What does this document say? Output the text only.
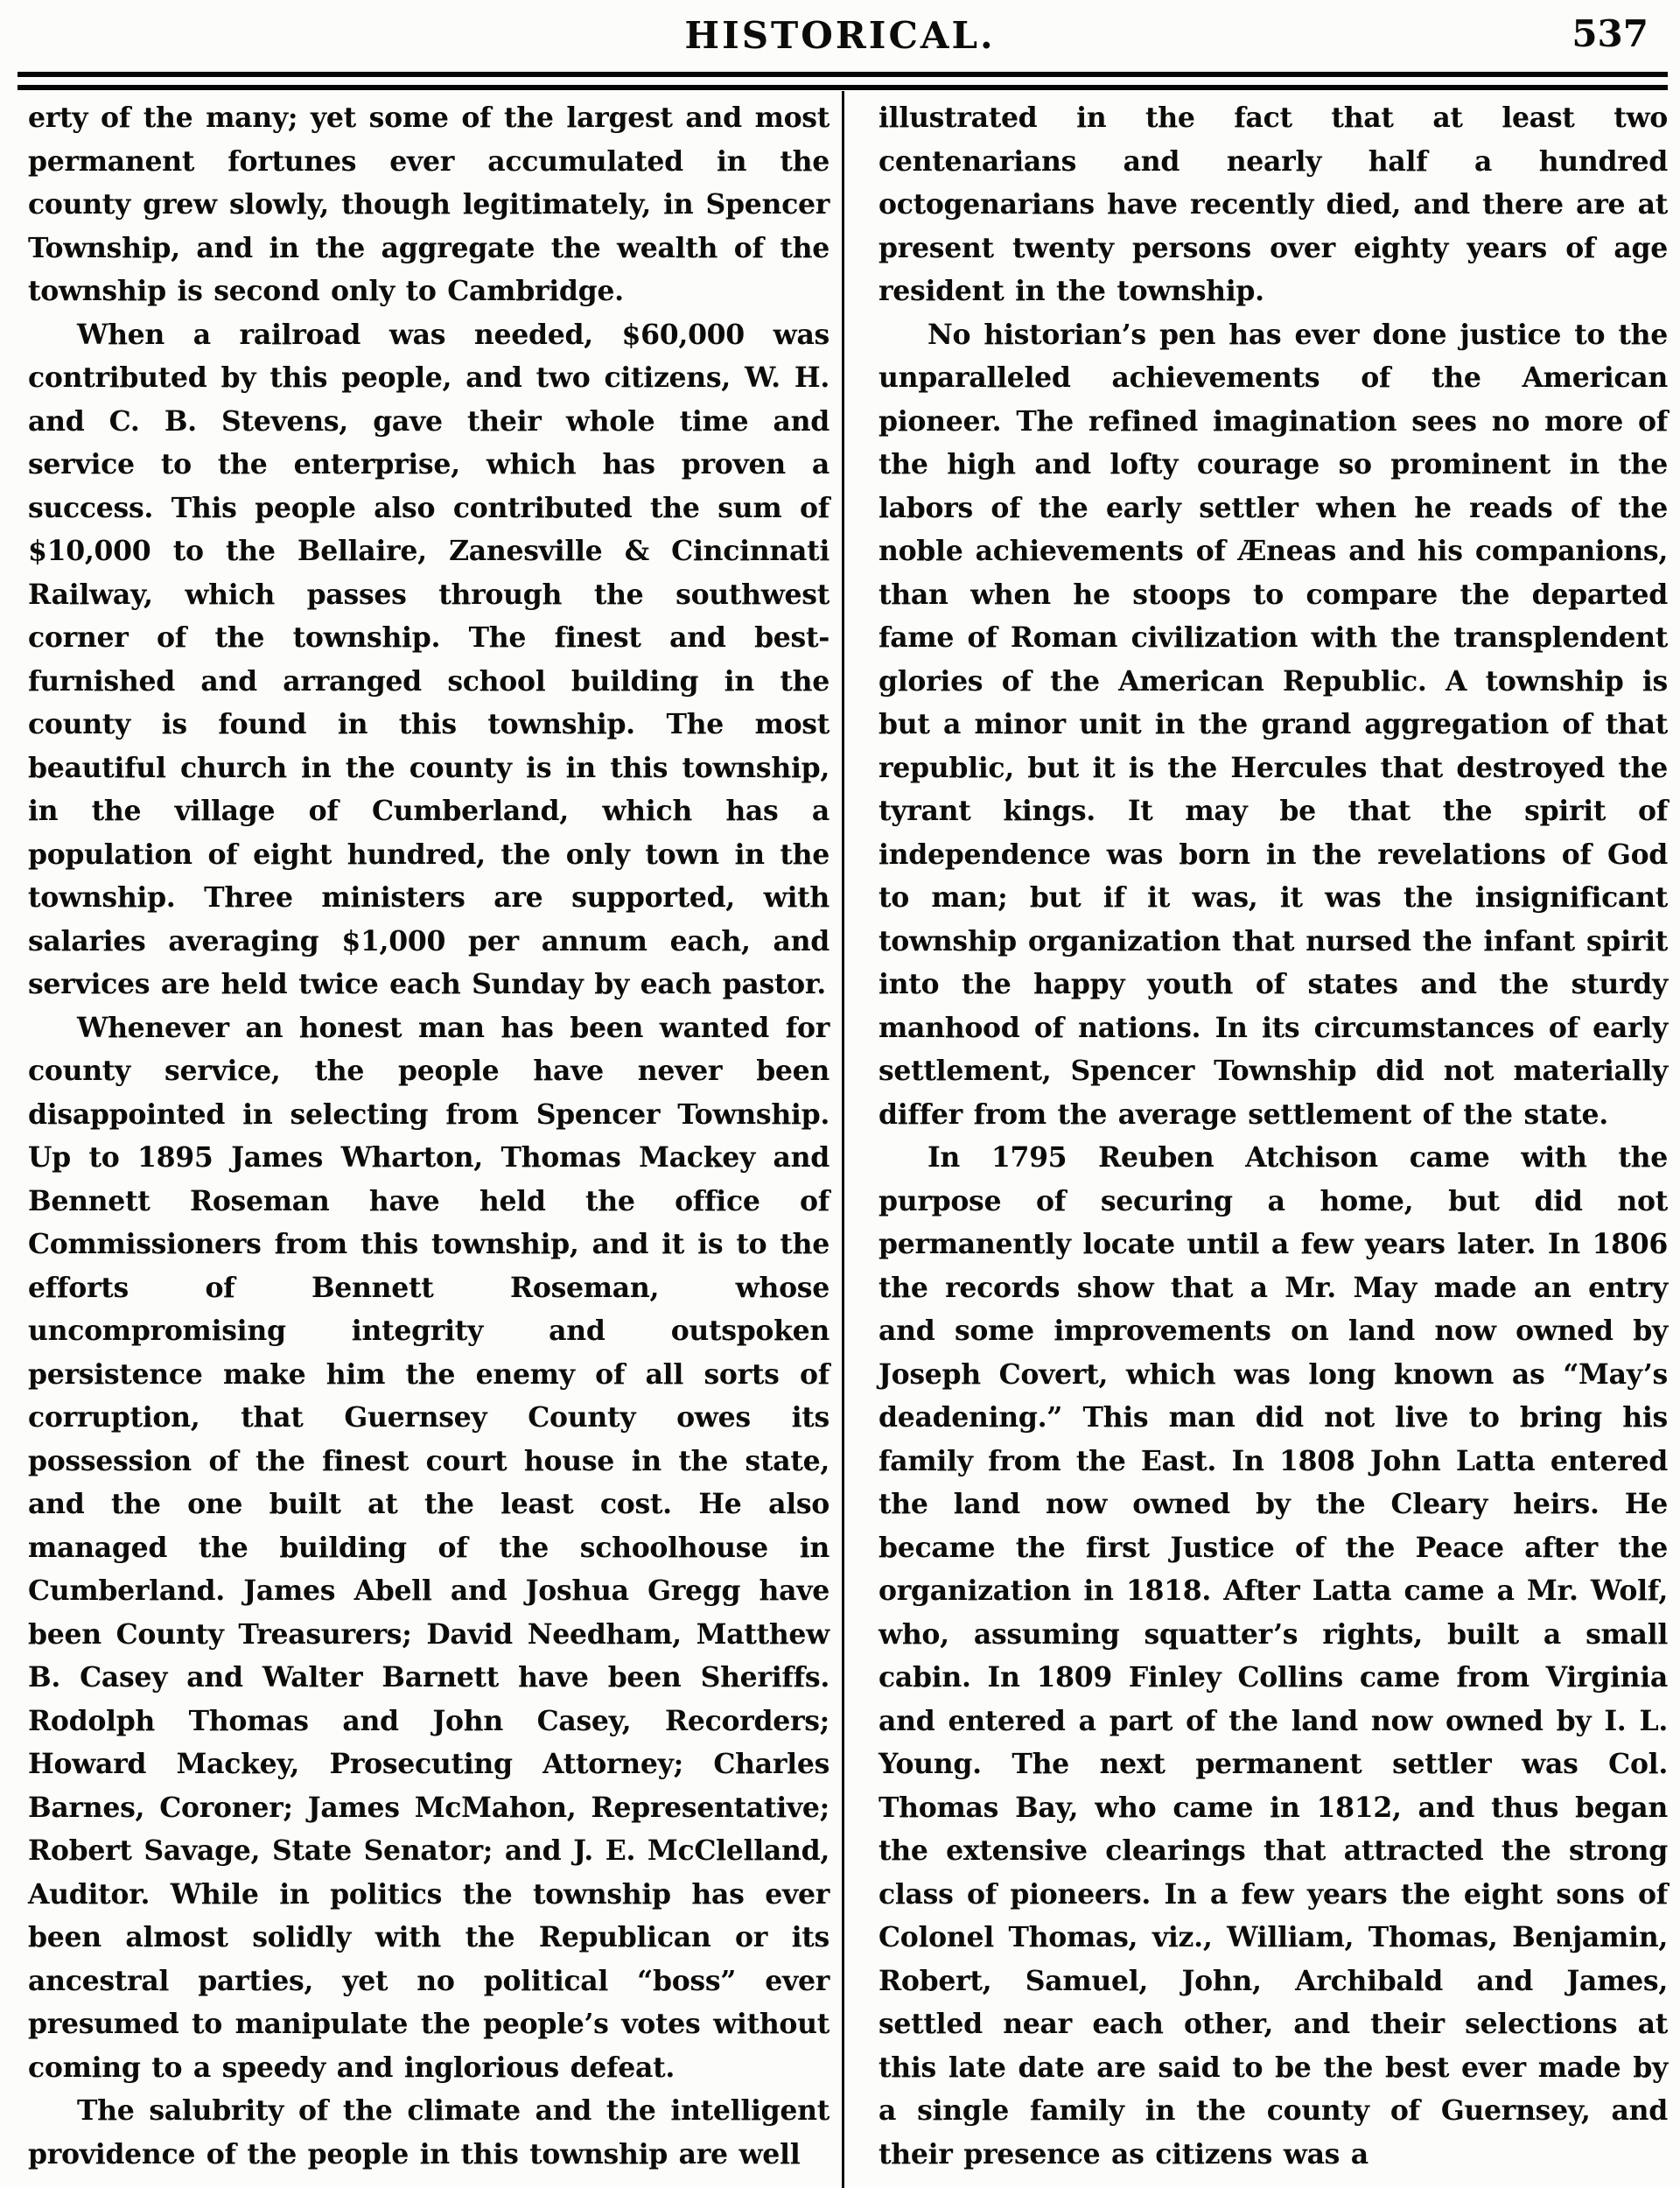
HISTORICAL.	537

erty of the many; yet some of the largest and most permanent fortunes ever accumulated in the county grew slowly, though legitimately, in Spencer Township, and in the aggregate the wealth of the township is second only to Cambridge.

When a railroad was needed, $60,000 was contributed by this people, and two citizens, W. H. and C. B. Stevens, gave their whole time and service to the enterprise, which has proven a success. This people also contributed the sum of $10,000 to the Bellaire, Zanesville & Cincinnati Railway, which passes through the southwest corner of the township. The finest and best-furnished and arranged school building in the county is found in this township. The most beautiful church in the county is in this township, in the village of Cumberland, which has a population of eight hundred, the only town in the township. Three ministers are supported, with salaries averaging $1,000 per annum each, and services are held twice each Sunday by each pastor.

Whenever an honest man has been wanted for county service, the people have never been disappointed in selecting from Spencer Township. Up to 1895 James Wharton, Thomas Mackey and Bennett Roseman have held the office of Commissioners from this township, and it is to the efforts of Bennett Roseman, whose uncompromising integrity and outspoken persistence make him the enemy of all sorts of corruption, that Guernsey County owes its possession of the finest court house in the state, and the one built at the least cost. He also managed the building of the schoolhouse in Cumberland. James Abell and Joshua Gregg have been County Treasurers; David Needham, Matthew B. Casey and Walter Barnett have been Sheriffs. Rodolph Thomas and John Casey, Recorders; Howard Mackey, Prosecuting Attorney; Charles Barnes, Coroner; James McMahon, Representative; Robert Savage, State Senator; and J. E. McClelland, Auditor. While in politics the township has ever been almost solidly with the Republican or its ancestral parties, yet no political “boss” ever presumed to manipulate the people’s votes without coming to a speedy and inglorious defeat.

The salubrity of the climate and the intelligent providence of the people in this township are well

illustrated in the fact that at least two centenarians and nearly half a hundred octogenarians have recently died, and there are at present twenty persons over eighty years of age resident in the township.

No historian’s pen has ever done justice to the unparalleled achievements of the American pioneer. The refined imagination sees no more of the high and lofty courage so prominent in the labors of the early settler when he reads of the noble achievements of Æneas and his companions, than when he stoops to compare the departed fame of Roman civilization with the transplendent glories of the American Republic. A township is but a minor unit in the grand aggregation of that republic, but it is the Hercules that destroyed the tyrant kings. It may be that the spirit of independence was born in the revelations of God to man; but if it was, it was the insignificant township organization that nursed the infant spirit into the happy youth of states and the sturdy manhood of nations. In its circumstances of early settlement, Spencer Township did not materially differ from the average settlement of the state.

In 1795 Reuben Atchison came with the purpose of securing a home, but did not permanently locate until a few years later. In 1806 the records show that a Mr. May made an entry and some improvements on land now owned by Joseph Covert, which was long known as “May’s deadening.” This man did not live to bring his family from the East. In 1808 John Latta entered the land now owned by the Cleary heirs. He became the first Justice of the Peace after the organization in 1818. After Latta came a Mr. Wolf, who, assuming squatter’s rights, built a small cabin. In 1809 Finley Collins came from Virginia and entered a part of the land now owned by I. L. Young. The next permanent settler was Col. Thomas Bay, who came in 1812, and thus began the extensive clearings that attracted the strong class of pioneers. In a few years the eight sons of Colonel Thomas, viz., William, Thomas, Benjamin, Robert, Samuel, John, Archibald and James, settled near each other, and their selections at this late date are said to be the best ever made by a single family in the county of Guernsey, and their presence as citizens was a
